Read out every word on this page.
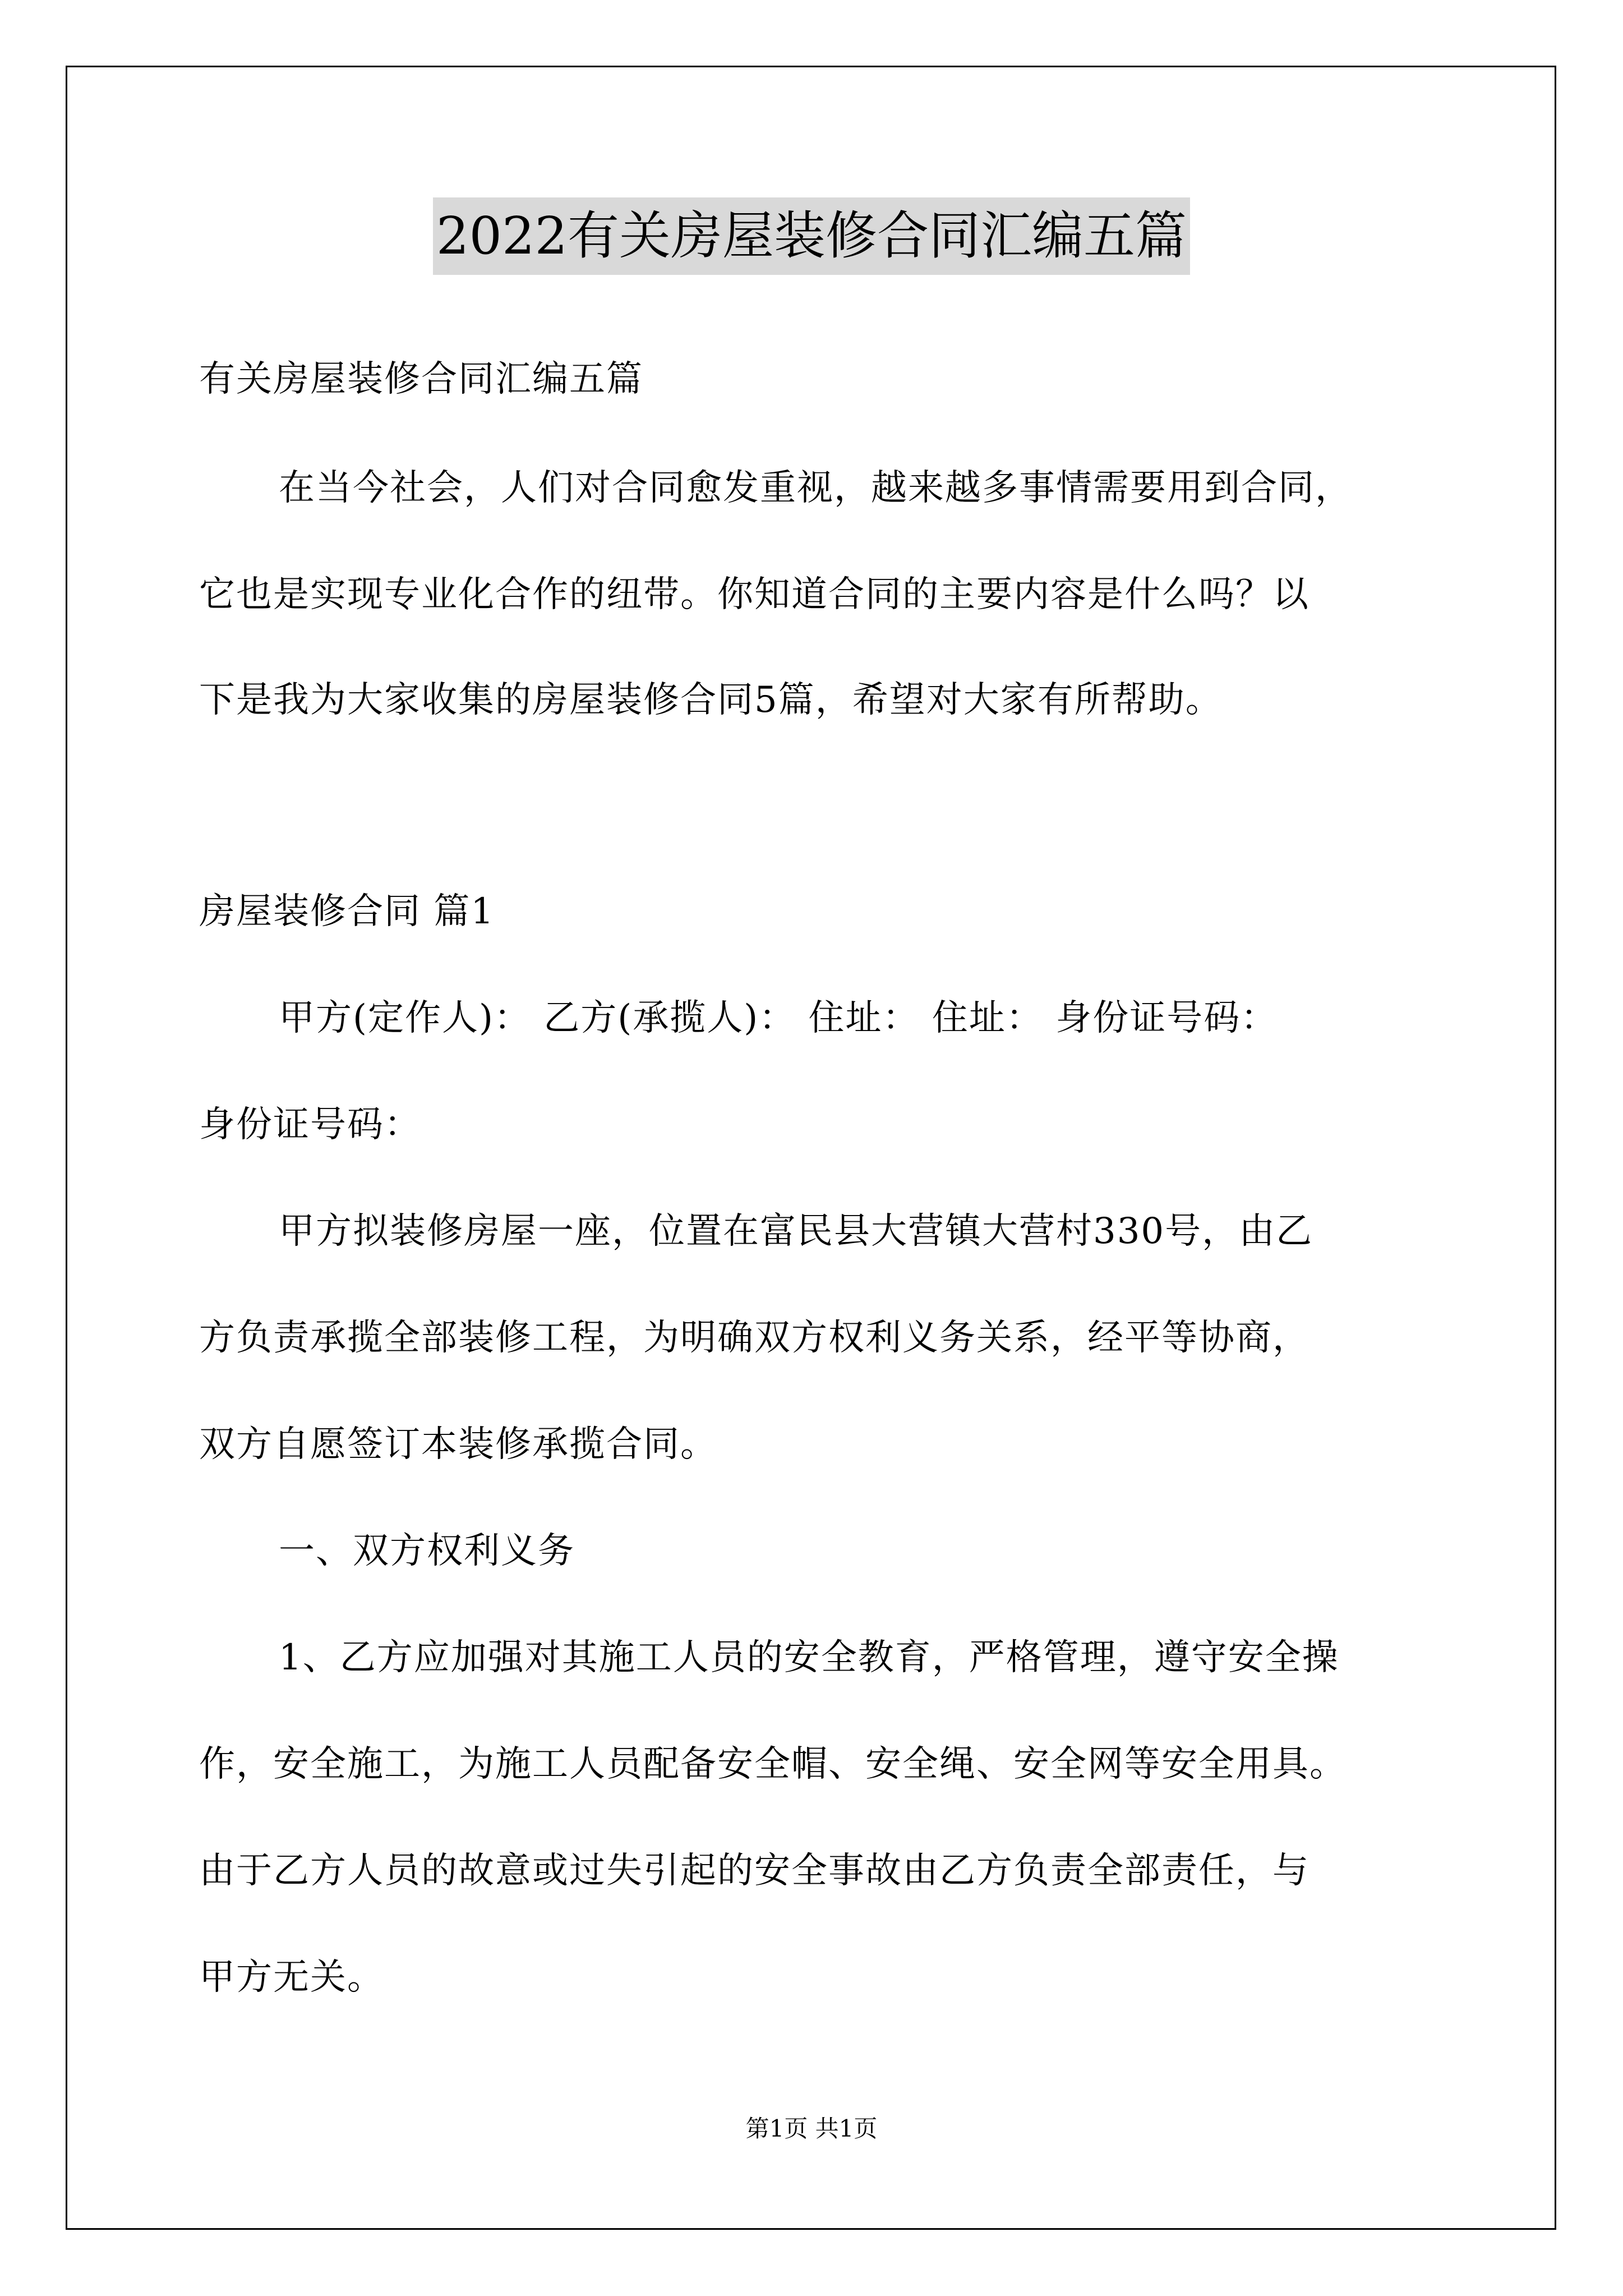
2022有关房屋装修合同汇编五篇
有关房屋装修合同汇编五篇
在当今社会，人们对合同愈发重视，越来越多事情需要用到合同，
它也是实现专业化合作的纽带。你知道合同的主要内容是什么吗？以
下是我为大家收集的房屋装修合同5篇，希望对大家有所帮助。
房屋装修合同 篇1
甲方(定作人)： 乙方(承揽人)： 住址： 住址： 身份证号码：
身份证号码：
甲方拟装修房屋一座，位置在富民县大营镇大营村330号，由乙
方负责承揽全部装修工程，为明确双方权利义务关系，经平等协商，
双方自愿签订本装修承揽合同。
一、双方权利义务
1、乙方应加强对其施工人员的安全教育，严格管理，遵守安全操
作，安全施工，为施工人员配备安全帽、安全绳、安全网等安全用具。
由于乙方人员的故意或过失引起的安全事故由乙方负责全部责任，与
甲方无关。
第1页 共1页
